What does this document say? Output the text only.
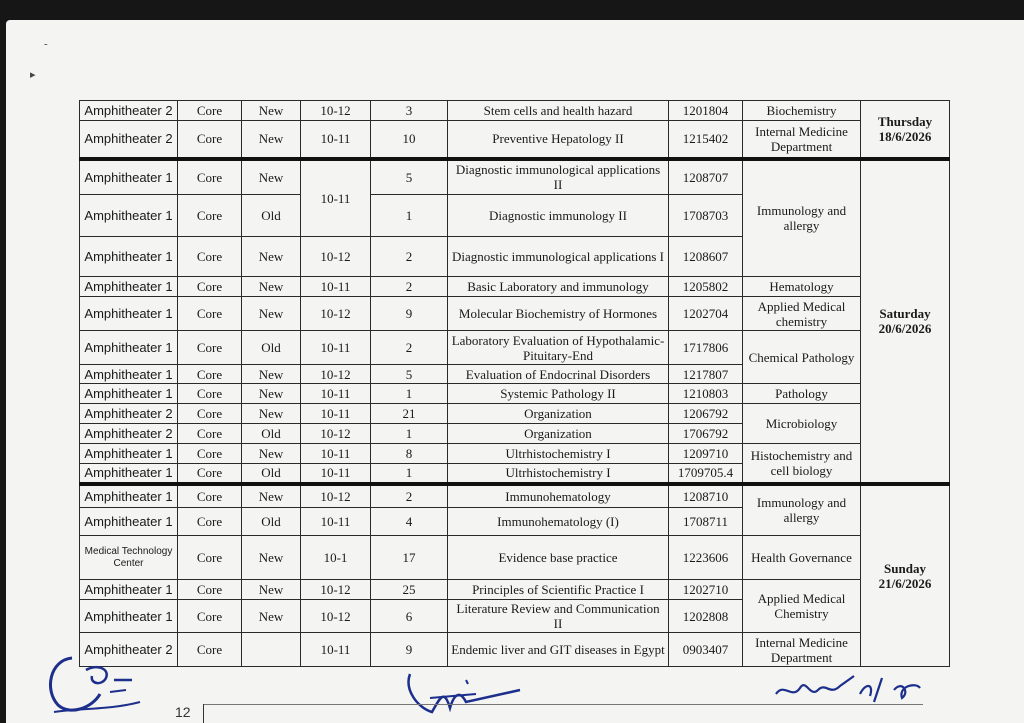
-
▸
Amphitheater 2	Core	New	10-12	3	Stem cells and health hazard	1201804	Biochemistry	Thursday
18/6/2026
Amphitheater 2	Core	New	10-11	10	Preventive Hepatology II	1215402	Internal Medicine Department	
Amphitheater 1	Core	New	10-11	5	Diagnostic immunological applications II	1208707	Immunology and allergy	Saturday
20/6/2026
Amphitheater 1	Core	Old		1	Diagnostic immunology II	1708703		
Amphitheater 1	Core	New	10-12	2	Diagnostic immunological applications I	1208607		
Amphitheater 1	Core	New	10-11	2	Basic Laboratory and immunology	1205802	Hematology	
Amphitheater 1	Core	New	10-12	9	Molecular Biochemistry of Hormones	1202704	Applied Medical chemistry	
Amphitheater 1	Core	Old	10-11	2	Laboratory Evaluation of Hypothalamic-Pituitary-End	1717806	Chemical Pathology	
Amphitheater 1	Core	New	10-12	5	Evaluation of Endocrinal Disorders	1217807		
Amphitheater 1	Core	New	10-11	1	Systemic Pathology II	1210803	Pathology	
Amphitheater 2	Core	New	10-11	21	Organization	1206792	Microbiology	
Amphitheater 2	Core	Old	10-12	1	Organization	1706792		
Amphitheater 1	Core	New	10-11	8	Ultrhistochemistry I	1209710	Histochemistry and cell biology	
Amphitheater 1	Core	Old	10-11	1	Ultrhistochemistry I	1709705.4		
Amphitheater 1	Core	New	10-12	2	Immunohematology	1208710	Immunology and allergy	Sunday
21/6/2026
Amphitheater 1	Core	Old	10-11	4	Immunohematology (I)	1708711		
Medical Technology Center	Core	New	10-1	17	Evidence base practice	1223606	Health Governance	
Amphitheater 1	Core	New	10-12	25	Principles of Scientific Practice I	1202710	Applied Medical Chemistry	
Amphitheater 1	Core	New	10-12	6	Literature Review and Communication II	1202808		
Amphitheater 2	Core		10-11	9	Endemic liver and GIT diseases in Egypt	0903407	Internal Medicine Department	
12
